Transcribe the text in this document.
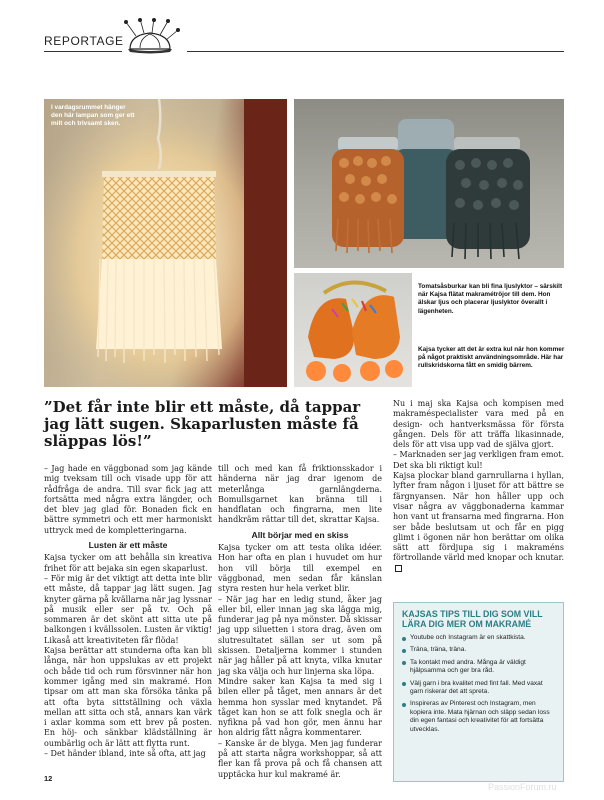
REPORTAGE
I vardagsrummet hänger den här lampan som ger ett milt och trivsamt sken.
Tomatsåsburkar kan bli fina ljuslyktor – särskilt när Kajsa flätat makramétröjor till dem. Hon älskar ljus och placerar ljuslyktor överallt i lägenheten.
Kajsa tycker att det är extra kul när hon kommer på något praktiskt användningsområde. Här har rullskridskorna fått en smidig bärrem.
”Det får inte blir ett måste, då tappar jag lätt sugen. Skaparlusten måste få släppas lös!”

– Jag hade en väggbonad som jag kände mig tveksam till och visade upp för att rådfråga de andra. Till svar fick jag att fortsätta med några extra längder, och det blev jag glad för. Bonaden fick en bättre symmetri och ett mer harmoniskt uttryck med de kompletteringarna.

Lusten är ett måste

Kajsa tycker om att behålla sin kreativa frihet för att bejaka sin egen skaparlust.

– För mig är det viktigt att detta inte blir ett måste, då tappar jag lätt sugen. Jag knyter gärna på kvällarna när jag lyssnar på musik eller ser på tv. Och på sommaren är det skönt att sitta ute på balkongen i kvällssolen. Lusten är viktig! Likaså att kreativiteten får flöda!

Kajsa berättar att stunderna ofta kan bli långa, när hon uppslukas av ett projekt och både tid och rum försvinner när hon kommer igång med sin makramé. Hon tipsar om att man ska försöka tänka på att ofta byta sittställning och växla mellan att sitta och stå, annars kan värk i axlar komma som ett brev på posten. En höj- och sänkbar klädställning är oumbärlig och är lätt att flytta runt.

– Det händer ibland, inte så ofta, att jag

till och med kan få friktionsskador i händerna när jag drar igenom de meterlånga garnlängderna. Bomullsgarnet kan bränna till i handflatan och fingrarna, men lite handkräm rättar till det, skrattar Kajsa.

Allt börjar med en skiss

Kajsa tycker om att testa olika idéer. Hon har ofta en plan i huvudet om hur hon vill börja till exempel en väggbonad, men sedan får känslan styra resten hur hela verket blir.

– När jag har en ledig stund, åker jag eller bil, eller innan jag ska lägga mig, funderar jag på nya mönster. Då skissar jag upp siluetten i stora drag, även om slutresultatet sällan ser ut som på skissen. Detaljerna kommer i stunden när jag håller på att knyta, vilka knutar jag ska välja och hur linjerna ska löpa.

Mindre saker kan Kajsa ta med sig i bilen eller på tåget, men annars är det hemma hon sysslar med knytandet. På tåget kan hon se att folk snegla och är nyfikna på vad hon gör, men ännu har hon aldrig fått några kommentarer.

– Kanske är de blyga. Men jag funderar på att starta några workshoppar, så att fler kan få prova på och få chansen att upptäcka hur kul makramé är.

Nu i maj ska Kajsa och kompisen med makraméspecialister vara med på en design- och hantverksmässa för första gången. Dels för att träffa likasinnade, dels för att visa upp vad de själva gjort.

– Marknaden ser jag verkligen fram emot. Det ska bli riktigt kul!

Kajsa plockar bland garnrullarna i hyllan, lyfter fram någon i ljuset för att bättre se färgnyansen. När hon håller upp och visar några av väggbonaderna kammar hon vant ut fransarna med fingrarna. Hon ser både beslutsam ut och får en pigg glimt i ögonen när hon berättar om olika sätt att fördjupa sig i makraméns förtrollande värld med knopar och knutar.

KAJSAS TIPS TILL DIG SOM VILL LÄRA DIG MER OM MAKRAMÉ
Youtube och Instagram är en skattkista.
Träna, träna, träna.
Ta kontakt med andra. Många är väldigt hjälpsamma och ger bra råd.
Välj garn i bra kvalitet med fint fall. Med vaxat garn riskerar det att spreta.
Inspireras av Pinterest och Instagram, men kopiera inte. Mata hjärnan och släpp sedan loss din egen fantasi och kreativitet för att fortsätta utvecklas.
12
PassionForum.ru
